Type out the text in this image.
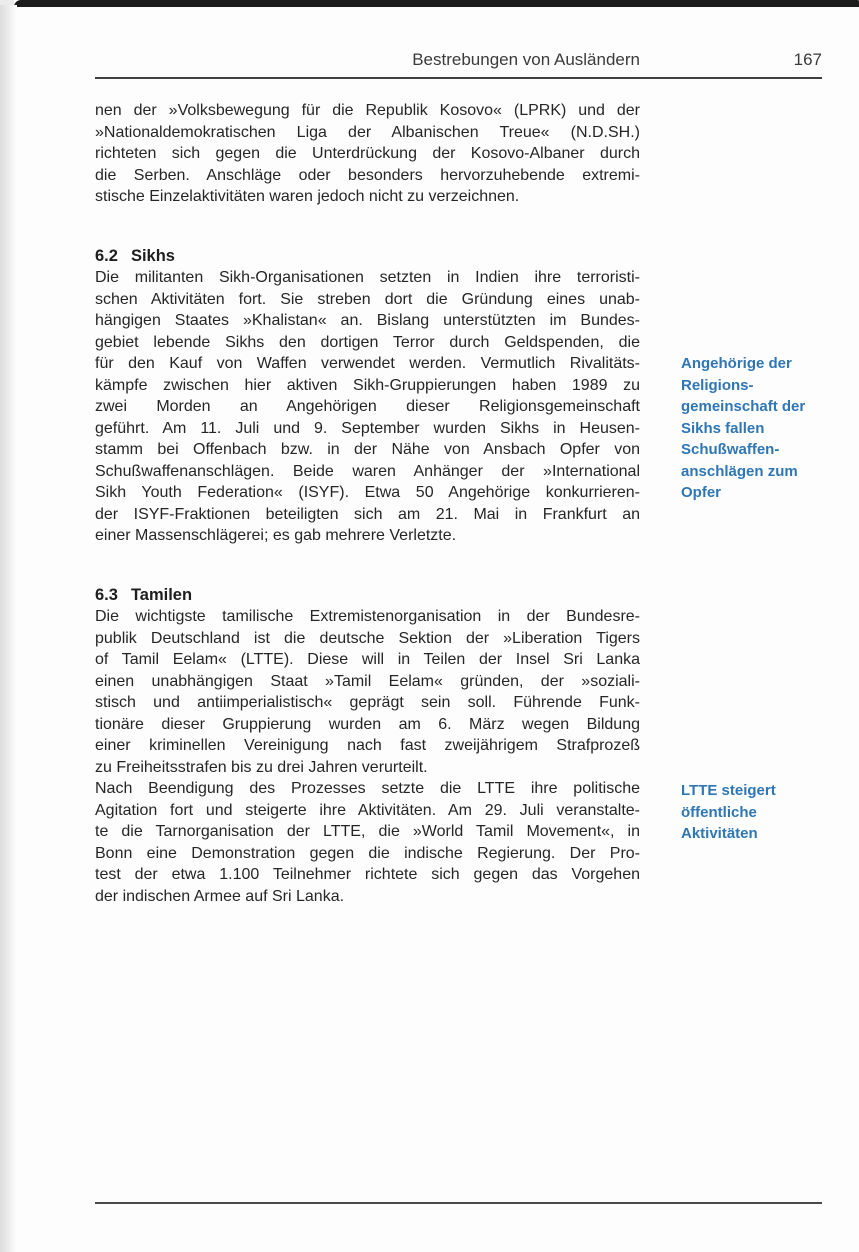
Bestrebungen von Ausländern	167
nen der »Volksbewegung für die Republik Kosovo« (LPRK) und der
»Nationaldemokratischen Liga der Albanischen Treue« (N.D.SH.)
richteten sich gegen die Unterdrückung der Kosovo-Albaner durch
die Serben. Anschläge oder besonders hervorzuhebende extremi-
stische Einzelaktivitäten waren jedoch nicht zu verzeichnen.
6.2 Sikhs
Die militanten Sikh-Organisationen setzten in Indien ihre terroristi-
schen Aktivitäten fort. Sie streben dort die Gründung eines unab-
hängigen Staates »Khalistan« an. Bislang unterstützten im Bundes-
gebiet lebende Sikhs den dortigen Terror durch Geldspenden, die
für den Kauf von Waffen verwendet werden. Vermutlich Rivalitäts-
kämpfe zwischen hier aktiven Sikh-Gruppierungen haben 1989 zu
zwei Morden an Angehörigen dieser Religionsgemeinschaft
geführt. Am 11. Juli und 9. September wurden Sikhs in Heusen-
stamm bei Offenbach bzw. in der Nähe von Ansbach Opfer von
Schußwaffenanschlägen. Beide waren Anhänger der »International
Sikh Youth Federation« (ISYF). Etwa 50 Angehörige konkurrieren-
der ISYF-Fraktionen beteiligten sich am 21. Mai in Frankfurt an
einer Massenschlägerei; es gab mehrere Verletzte.
6.3 Tamilen
Die wichtigste tamilische Extremistenorganisation in der Bundesre-
publik Deutschland ist die deutsche Sektion der »Liberation Tigers
of Tamil Eelam« (LTTE). Diese will in Teilen der Insel Sri Lanka
einen unabhängigen Staat »Tamil Eelam« gründen, der »soziali-
stisch und antiimperialistisch« geprägt sein soll. Führende Funk-
tionäre dieser Gruppierung wurden am 6. März wegen Bildung
einer kriminellen Vereinigung nach fast zweijährigem Strafprozeß
zu Freiheitsstrafen bis zu drei Jahren verurteilt.
Nach Beendigung des Prozesses setzte die LTTE ihre politische
Agitation fort und steigerte ihre Aktivitäten. Am 29. Juli veranstalte-
te die Tarnorganisation der LTTE, die »World Tamil Movement«, in
Bonn eine Demonstration gegen die indische Regierung. Der Pro-
test der etwa 1.100 Teilnehmer richtete sich gegen das Vorgehen
der indischen Armee auf Sri Lanka.
Angehörige der
Religions-
gemeinschaft der
Sikhs fallen
Schußwaffen-
anschlägen zum
Opfer
LTTE steigert
öffentliche
Aktivitäten
